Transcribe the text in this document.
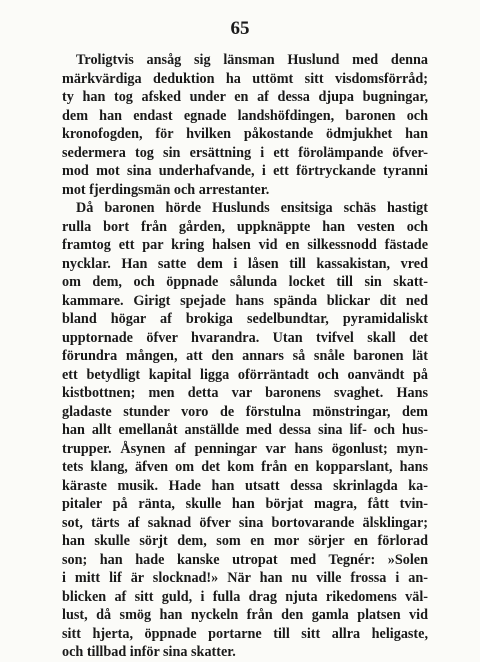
65
Troligtvis ansåg sig länsman Huslund med denna
märkvärdiga deduktion ha uttömt sitt visdomsförråd;
ty han tog afsked under en af dessa djupa bugningar,
dem han endast egnade landshöfdingen, baronen och
kronofogden, för hvilken påkostande ödmjukhet han
sedermera tog sin ersättning i ett förolämpande öfver-
mod mot sina underhafvande, i ett förtryckande tyranni
mot fjerdingsmän och arrestanter.
Då baronen hörde Huslunds ensitsiga schäs hastigt
rulla bort från gården, uppknäppte han vesten och
framtog ett par kring halsen vid en silkessnodd fästade
nycklar. Han satte dem i låsen till kassakistan, vred
om dem, och öppnade sålunda locket till sin skatt-
kammare. Girigt spejade hans spända blickar dit ned
bland högar af brokiga sedelbundtar, pyramidaliskt
upptornade öfver hvarandra. Utan tvifvel skall det
förundra mången, att den annars så snåle baronen lät
ett betydligt kapital ligga oförräntadt och oanvändt på
kistbottnen; men detta var baronens svaghet. Hans
gladaste stunder voro de förstulna mönstringar, dem
han allt emellanåt anställde med dessa sina lif- och hus-
trupper. Åsynen af penningar var hans ögonlust; myn-
tets klang, äfven om det kom från en kopparslant, hans
käraste musik. Hade han utsatt dessa skrinlagda ka-
pitaler på ränta, skulle han börjat magra, fått tvin-
sot, tärts af saknad öfver sina bortovarande älsklingar;
han skulle sörjt dem, som en mor sörjer en förlorad
son; han hade kanske utropat med Tegnér: »Solen
i mitt lif är slocknad!» När han nu ville frossa i an-
blicken af sitt guld, i fulla drag njuta rikedomens väl-
lust, då smög han nyckeln från den gamla platsen vid
sitt hjerta, öppnade portarne till sitt allra heligaste,
och tillbad inför sina skatter.
